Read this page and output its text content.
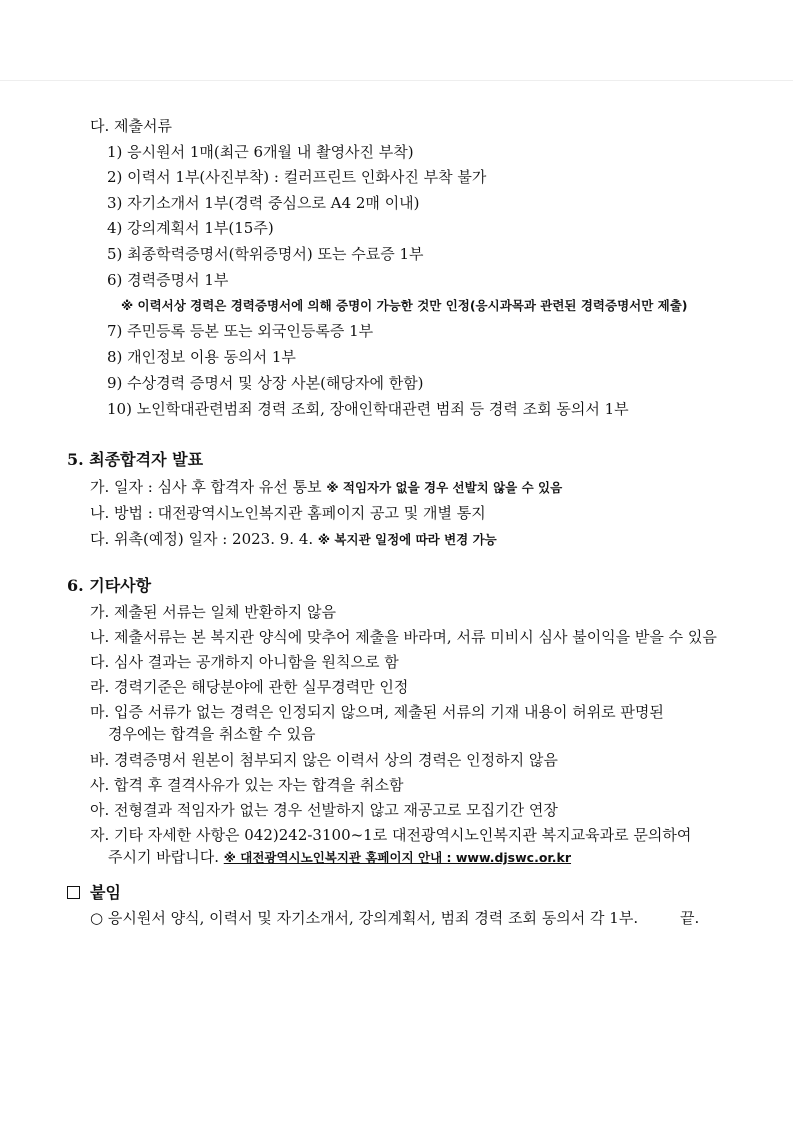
다. 제출서류
1) 응시원서 1매(최근 6개월 내 촬영사진 부착)
2) 이력서 1부(사진부착) : 컬러프린트 인화사진 부착 불가
3) 자기소개서 1부(경력 중심으로 A4 2매 이내)
4) 강의계획서 1부(15주)
5) 최종학력증명서(학위증명서) 또는 수료증 1부
6) 경력증명서 1부
※ 이력서상 경력은 경력증명서에 의해 증명이 가능한 것만 인정(응시과목과 관련된 경력증명서만 제출)
7) 주민등록 등본 또는 외국인등록증 1부
8) 개인정보 이용 동의서 1부
9) 수상경력 증명서 및 상장 사본(해당자에 한함)
10) 노인학대관련범죄 경력 조회, 장애인학대관련 범죄 등 경력 조회 동의서 1부
5. 최종합격자 발표
가. 일자 : 심사 후 합격자 유선 통보 ※ 적임자가 없을 경우 선발치 않을 수 있음
나. 방법 : 대전광역시노인복지관 홈페이지 공고 및 개별 통지
다. 위촉(예정) 일자 : 2023. 9. 4. ※ 복지관 일정에 따라 변경 가능
6. 기타사항
가. 제출된 서류는 일체 반환하지 않음
나. 제출서류는 본 복지관 양식에 맞추어 제출을 바라며, 서류 미비시 심사 불이익을 받을 수 있음
다. 심사 결과는 공개하지 아니함을 원칙으로 함
라. 경력기준은 해당분야에 관한 실무경력만 인정
마. 입증 서류가 없는 경력은 인정되지 않으며, 제출된 서류의 기재 내용이 허위로 판명된
경우에는 합격을 취소할 수 있음
바. 경력증명서 원본이 첨부되지 않은 이력서 상의 경력은 인정하지 않음
사. 합격 후 결격사유가 있는 자는 합격을 취소함
아. 전형결과 적임자가 없는 경우 선발하지 않고 재공고로 모집기간 연장
자. 기타 자세한 사항은 042)242-3100~1로 대전광역시노인복지관 복지교육과로 문의하여
주시기 바랍니다. ※ 대전광역시노인복지관 홈페이지 안내 : www.djswc.or.kr
붙임
○ 응시원서 양식, 이력서 및 자기소개서, 강의계획서, 범죄 경력 조회 동의서 각 1부.	끝.
